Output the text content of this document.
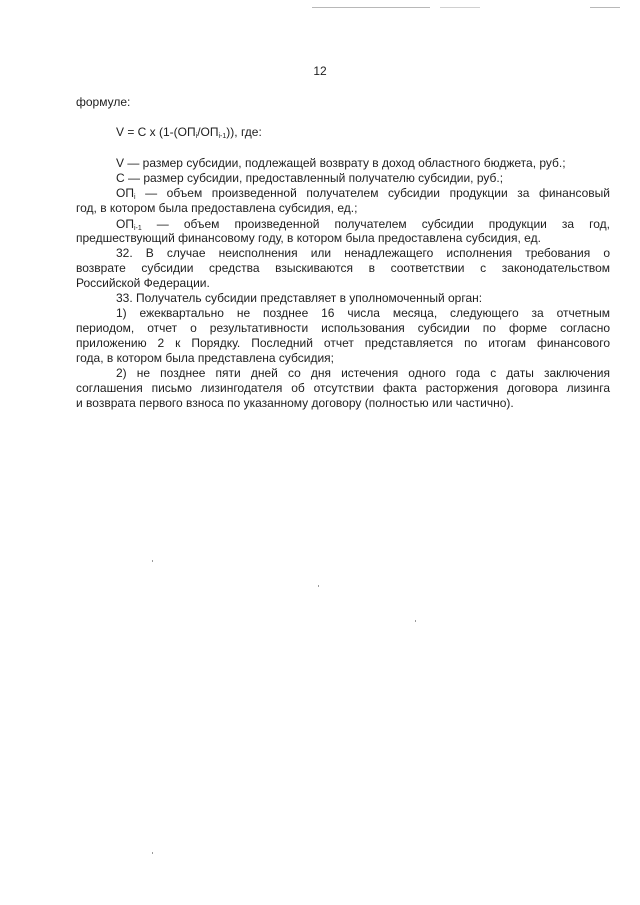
12

формуле:

V = C x $(1-(ОП_i/ОП_{i-1}))$, где:

V — размер субсидии, подлежащей возврату в доход областного бюджета, руб.;

C — размер субсидии, предоставленный получателю субсидии, руб.;

$ОП_i$ — объем произведенной получателем субсидии продукции за финансовый

год, в котором была предоставлена субсидия, ед.;

$ОП_{i-1}$ — объем произведенной получателем субсидии продукции за год,

предшествующий финансовому году, в котором была предоставлена субсидия, ед.

32. В случае неисполнения или ненадлежащего исполнения требования о

возврате субсидии средства взыскиваются в соответствии с законодательством

Российской Федерации.

33. Получатель субсидии представляет в уполномоченный орган:

1) ежеквартально не позднее 16 числа месяца, следующего за отчетным

периодом, отчет о результативности использования субсидии по форме согласно

приложению 2 к Порядку. Последний отчет представляется по итогам финансового

года, в котором была представлена субсидия;

2) не позднее пяти дней со дня истечения одного года с даты заключения

соглашения письмо лизингодателя об отсутствии факта расторжения договора лизинга

и возврата первого взноса по указанному договору (полностью или частично).
